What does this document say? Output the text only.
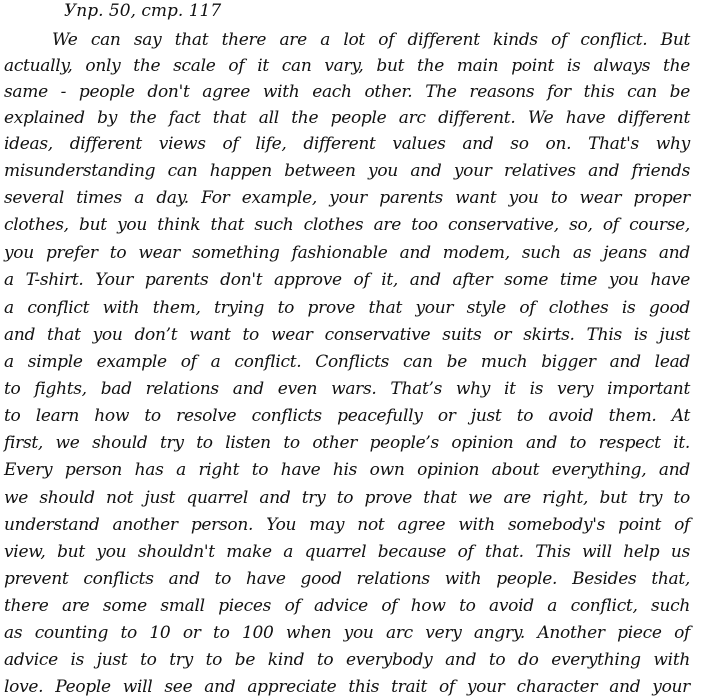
Упр. 50, стр. 117
We can say that there are a lot of different kinds of conflict. But
actually, only the scale of it can vary, but the main point is always the
same - people don't agree with each other. The reasons for this can be
explained by the fact that all the people arc different. We have different
ideas, different views of life, different values and so on. That's why
misunderstanding can happen between you and your relatives and friends
several times a day. For example, your parents want you to wear proper
clothes, but you think that such clothes are too conservative, so, of course,
you prefer to wear something fashionable and modem, such as jeans and
a T-shirt. Your parents don't approve of it, and after some time you have
a conflict with them, trying to prove that your style of clothes is good
and that you don’t want to wear conservative suits or skirts. This is just
a simple example of a conflict. Conflicts can be much bigger and lead
to fights, bad relations and even wars. That’s why it is very important
to learn how to resolve conflicts peacefully or just to avoid them. At
first, we should try to listen to other people’s opinion and to respect it.
Every person has a right to have his own opinion about everything, and
we should not just quarrel and try to prove that we are right, but try to
understand another person. You may not agree with somebody's point of
view, but you shouldn't make a quarrel because of that. This will help us
prevent conflicts and to have good relations with people. Besides that,
there are some small pieces of advice of how to avoid a conflict, such
as counting to 10 or to 100 when you arc very angry. Another piece of
advice is just to try to be kind to everybody and to do everything with
love. People will see and appreciate this trait of your character and your
